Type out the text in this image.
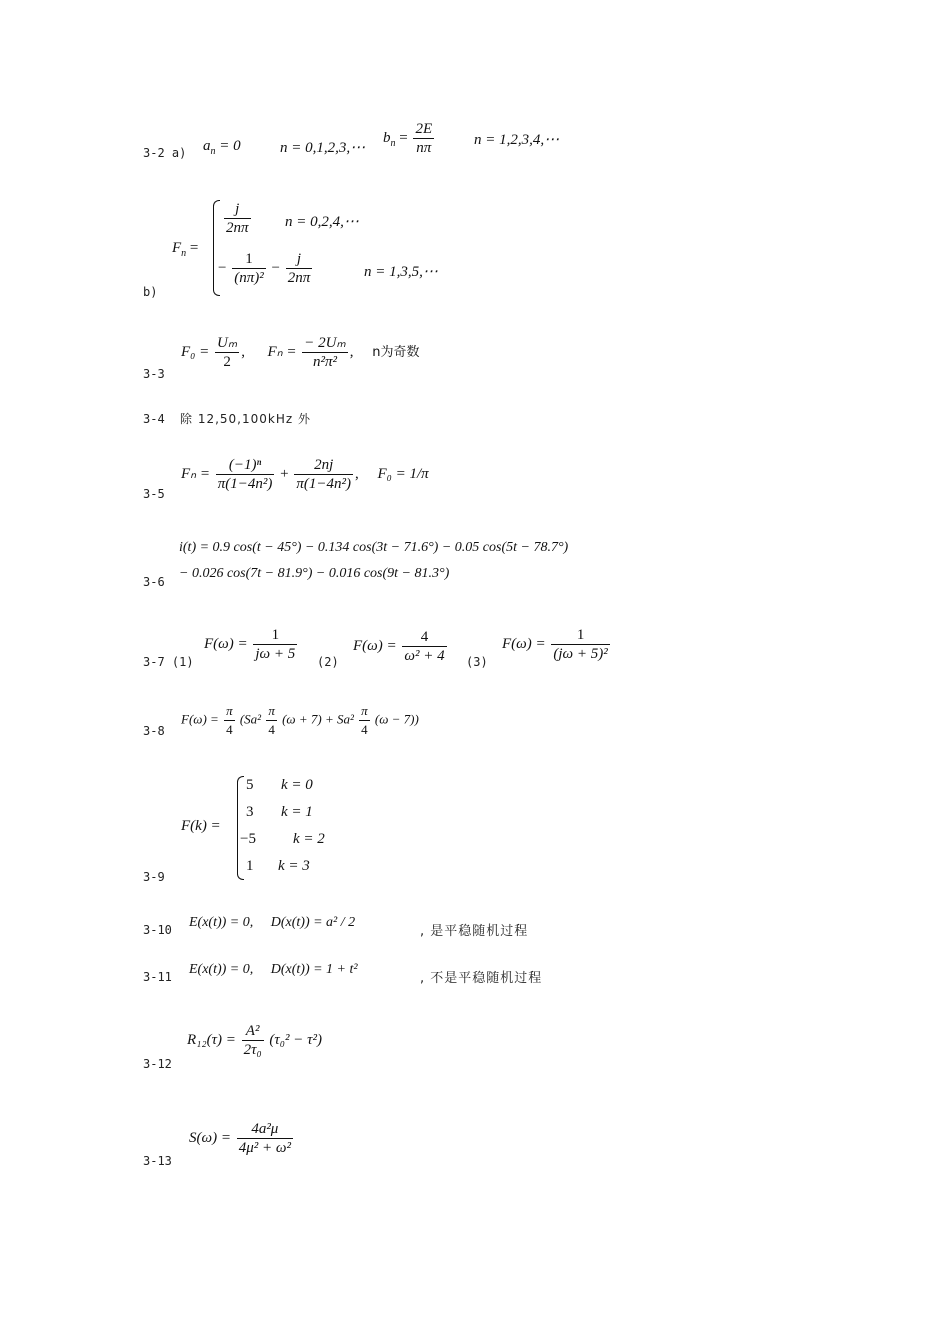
3-2 a) $a_n = 0$	n = 0,1,2,3,⋯
$b_n = \frac{2E}{n\pi}$	n = 1,2,3,4,⋯
b)
$F_n$ =
$\frac{j}{2n\pi}$ n = 0,2,4,⋯
− $\frac{1}{\text{(nπ)²}} - \frac{j}{2n\pi}$	n = 1,3,5,⋯
3-3
$F_0 = \frac{\text{Uₘ}}{2}$ , $F_n = \frac{\text{− 2Uₘ}}{\text{n²π²}}$ , n为奇数
3-4 除 12,50,100kHz 外
3-5
$F_n = \frac{\text{(−1)ⁿ}}{\text{π(1−4n²)}} + \frac{2nj}{\text{π(1−4n²)}}$ , F₀ = 1/π
3-6
i(t) = 0.9 cos(t − 45°) − 0.134 cos(3t − 71.6°) − 0.05 cos(5t − 78.7°)
− 0.026 cos(7t − 81.9°) − 0.016 cos(9t − 81.3°)
3-7 (1)
$F(\omega) = \frac{1}{j\omega + 5} (2)$
$F(\omega) = \frac{4}{\text{ω² + 4}} (3)$
$F(\omega) = \frac{1}{\text{(jω + 5)²}}$
3-8
$F(\omega) = \frac{\pi}{4} (Sa^2 \frac{\pi}{4} (\omega + 7) + Sa^2 \frac{\pi}{4} (\omega - 7))$
3-9
F(k) =
5 k = 0
3 k = 1
−5 k = 2
1 k = 3
3-10 E(x(t)) = 0,     D(x(t)) = a² / 2
, 是平稳随机过程
3-11 E(x(t)) = 0,     D(x(t)) = 1 + t²
, 不是平稳随机过程
3-12
$R_{12}(\tau) = \frac{\text{A²}}{\text{2τ₀}} (\tau_0^2 - \tau^2)$
3-13
$S(\omega) = \frac{\text{4a²μ}}{\text{4μ² + ω²}}$
